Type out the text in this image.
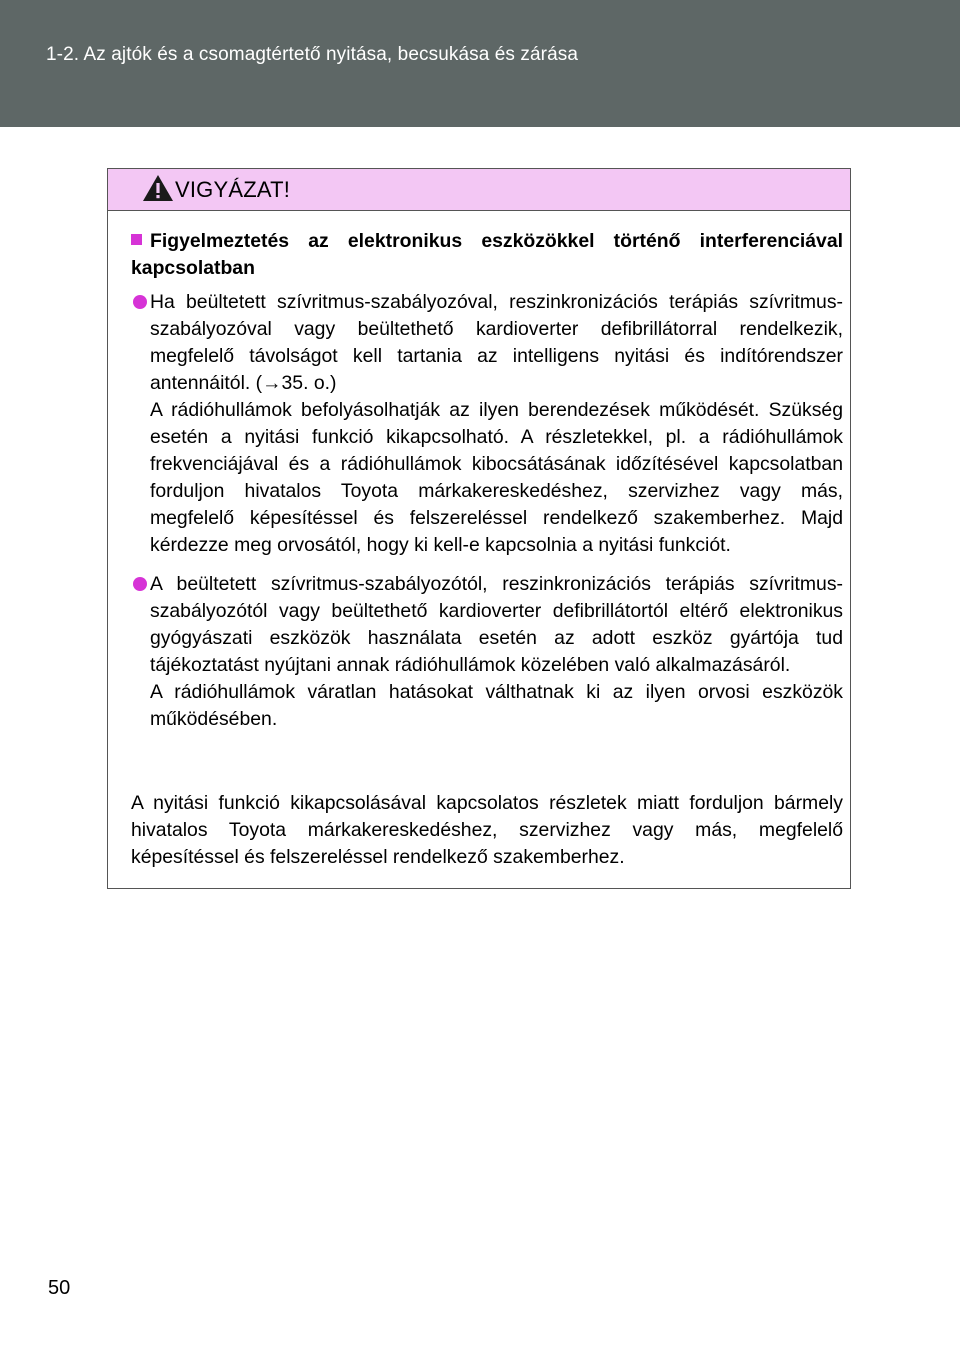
1-2. Az ajtók és a csomagtértető nyitása, becsukása és zárása
VIGYÁZAT!
Figyelmeztetés az elektronikus eszközökkel történő interferenciával
kapcsolatban

Ha beültetett szívritmus-szabályozóval, reszinkronizációs terápiás szívritmus-szabályozóval vagy beültethető kardioverter defibrillátorral rendelkezik, megfelelő távolságot kell tartania az intelligens nyitási és indítórendszer antennáitól. (→35. o.)

A rádióhullámok befolyásolhatják az ilyen berendezések működését. Szükség esetén a nyitási funkció kikapcsolható. A részletekkel, pl. a rádióhullámok frekvenciájával és a rádióhullámok kibocsátásának időzítésével kapcsolatban forduljon hivatalos Toyota márkakereskedéshez, szervizhez vagy más, megfelelő képesítéssel és felszereléssel rendelkező szakemberhez. Majd kérdezze meg orvosától, hogy ki kell-e kapcsolnia a nyitási funkciót.

A beültetett szívritmus-szabályozótól, reszinkronizációs terápiás szívritmus-szabályozótól vagy beültethető kardioverter defibrillátortól eltérő elektronikus gyógyászati eszközök használata esetén az adott eszköz gyártója tud tájékoztatást nyújtani annak rádióhullámok közelében való alkalmazásáról.

A rádióhullámok váratlan hatásokat válthatnak ki az ilyen orvosi eszközök működésében.

A nyitási funkció kikapcsolásával kapcsolatos részletek miatt forduljon bármely hivatalos Toyota márkakereskedéshez, szervizhez vagy más, megfelelő képesítéssel és felszereléssel rendelkező szakemberhez.

50
